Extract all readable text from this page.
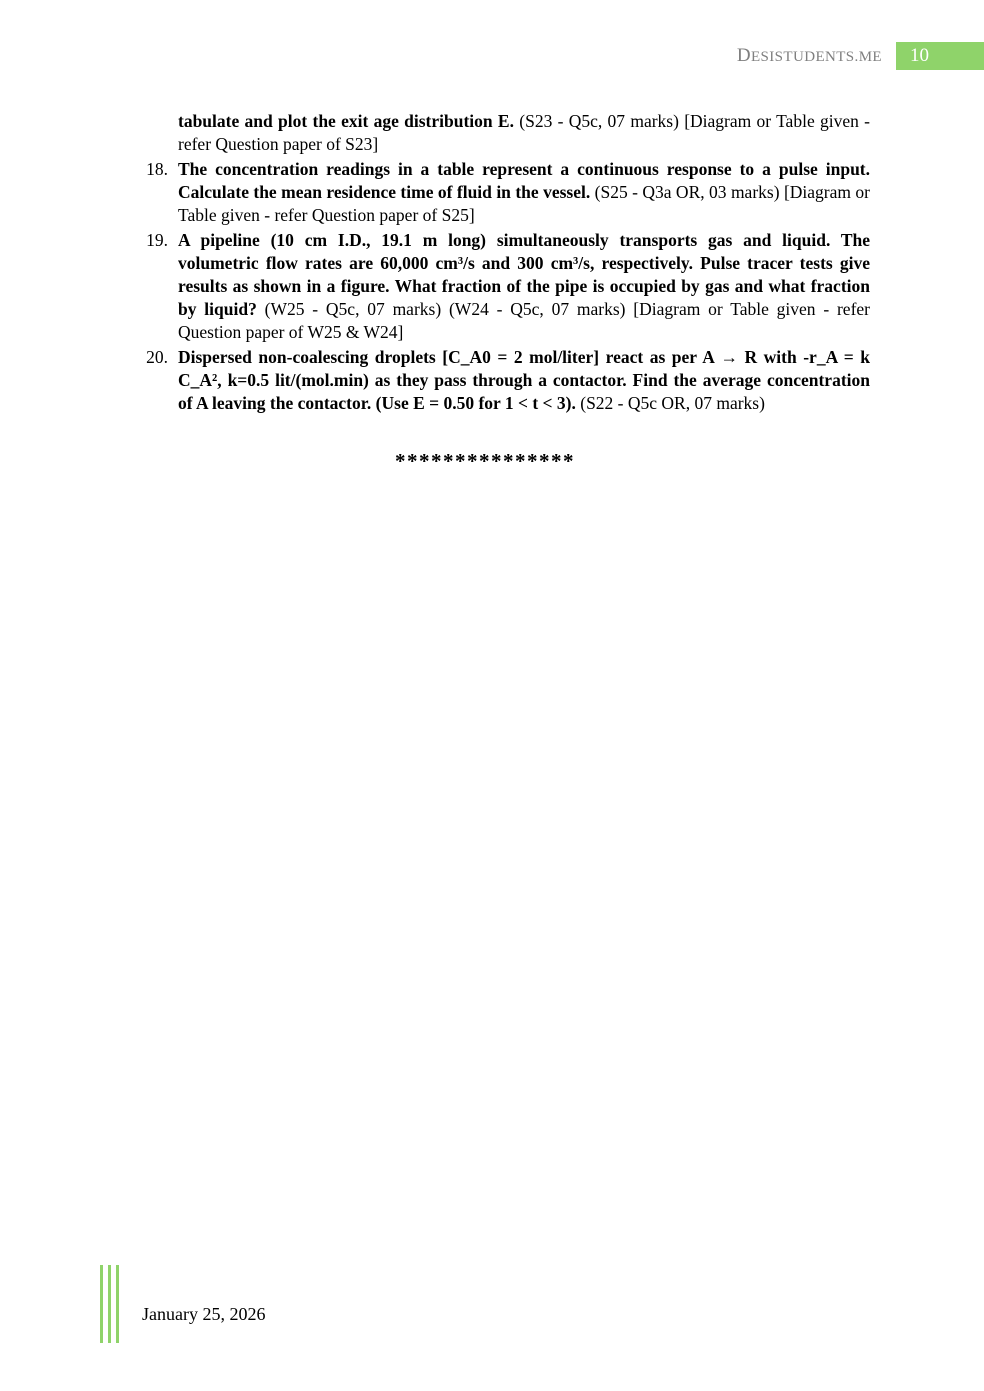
DESISTUDENTS.ME 10

tabulate and plot the exit age distribution E. (S23 - Q5c, 07 marks) [Diagram or Table given - refer Question paper of S23]

18. The concentration readings in a table represent a continuous response to a pulse input. Calculate the mean residence time of fluid in the vessel. (S25 - Q3a OR, 03 marks) [Diagram or Table given - refer Question paper of S25]
19. A pipeline (10 cm I.D., 19.1 m long) simultaneously transports gas and liquid. The volumetric flow rates are 60,000 cm³/s and 300 cm³/s, respectively. Pulse tracer tests give results as shown in a figure. What fraction of the pipe is occupied by gas and what fraction by liquid? (W25 - Q5c, 07 marks) (W24 - Q5c, 07 marks) [Diagram or Table given - refer Question paper of W25 & W24]
20. Dispersed non-coalescing droplets [C_A0 = 2 mol/liter] react as per A → R with -r_A = k C_A², k=0.5 lit/(mol.min) as they pass through a contactor. Find the average concentration of A leaving the contactor. (Use E = 0.50 for 1 < t < 3). (S22 - Q5c OR, 07 marks)
***************
January 25, 2026
